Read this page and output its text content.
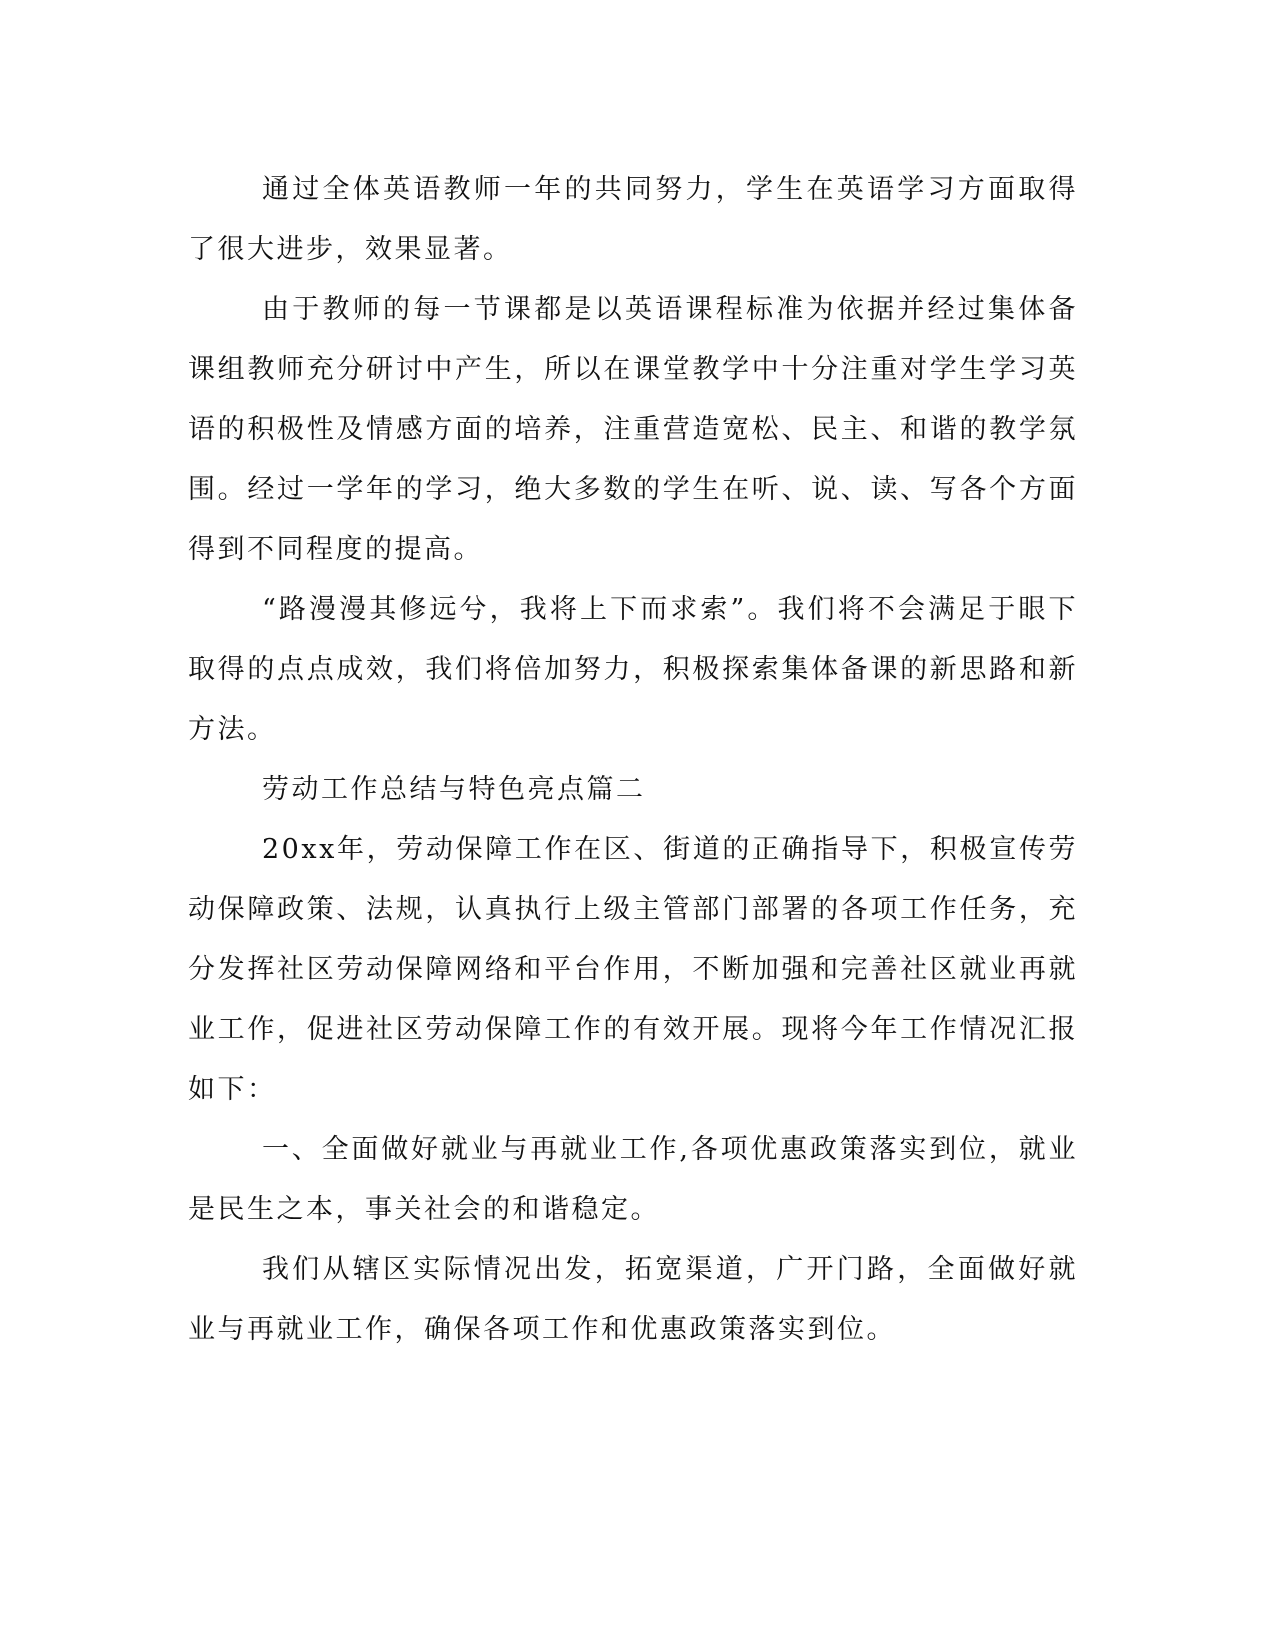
通过全体英语教师一年的共同努力，学生在英语学习方面取得了很大进步，效果显著。

由于教师的每一节课都是以英语课程标准为依据并经过集体备课组教师充分研讨中产生，所以在课堂教学中十分注重对学生学习英语的积极性及情感方面的培养，注重营造宽松、民主、和谐的教学氛围。经过一学年的学习，绝大多数的学生在听、说、读、写各个方面得到不同程度的提高。

“路漫漫其修远兮，我将上下而求索”。我们将不会满足于眼下取得的点点成效，我们将倍加努力，积极探索集体备课的新思路和新方法。

劳动工作总结与特色亮点篇二

20xx年，劳动保障工作在区、街道的正确指导下，积极宣传劳动保障政策、法规，认真执行上级主管部门部署的各项工作任务，充分发挥社区劳动保障网络和平台作用，不断加强和完善社区就业再就业工作，促进社区劳动保障工作的有效开展。现将今年工作情况汇报如下：

一、全面做好就业与再就业工作,各项优惠政策落实到位，就业是民生之本，事关社会的和谐稳定。

我们从辖区实际情况出发，拓宽渠道，广开门路，全面做好就业与再就业工作，确保各项工作和优惠政策落实到位。
